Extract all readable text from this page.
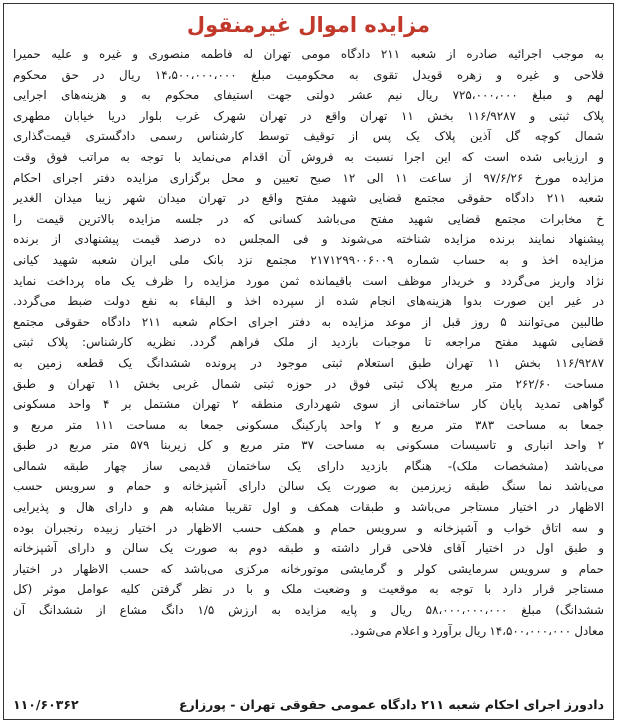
مزایده اموال غیرمنقول
به موجب اجرائیه صادره از شعبه ۲۱۱ دادگاه مومی تهران له فاطمه منصوری و غیره و علیه حمیرا
فلاحی و غیره و زهره قویدل تقوی به محکومیت مبلغ ۱۴،۵۰۰،۰۰۰،۰۰۰ ریال در حق محکوم
لهم و مبلغ ۷۲۵،۰۰۰،۰۰۰ ریال نیم عشر دولتی جهت استیفای محکوم به و هزینه‌های اجرایی
پلاک ثبتی و ۱۱۶/۹۲۸۷ بخش ۱۱ تهران واقع در تهران شهرک غرب بلوار دریا خیابان مطهری
شمال کوچه گل آذین پلاک یک پس از توقیف توسط کارشناس رسمی دادگستری قیمت‌گذاری
و ارزیابی شده است که این اجرا نسبت به فروش آن اقدام می‌نماید با توجه به مراتب فوق وقت
مزایده مورخ ۹۷/۶/۲۶ از ساعت ۱۱ الی ۱۲ صبح تعیین و محل برگزاری مزایده دفتر اجرای احکام
شعبه ۲۱۱ دادگاه حقوقی مجتمع قضایی شهید مفتح واقع در تهران میدان شهر زیبا میدان الغدیر
خ مخابرات مجتمع قضایی شهید مفتح می‌باشد کسانی که در جلسه مزایده بالاترین قیمت را
پیشنهاد نمایند برنده مزایده شناخته می‌شوند و فی المجلس ده درصد قیمت پیشنهادی از برنده
مزایده اخذ و به حساب شماره ۲۱۷۱۲۹۹۰۰۶۰۰۹ مجتمع نزد بانک ملی ایران شعبه شهید کیانی
نژاد واریز می‌گردد و خریدار موظف است باقیمانده ثمن مورد مزایده را ظرف یک ماه پرداخت نماید
در غیر این صورت بدوا هزینه‌های انجام شده از سپرده اخذ و البقاء به نفع دولت ضبط می‌گردد.
طالبین می‌توانند ۵ روز قبل از موعد مزایده به دفتر اجرای احکام شعبه ۲۱۱ دادگاه حقوقی مجتمع
قضایی شهید مفتح مراجعه تا موجبات بازدید از ملک فراهم گردد. نظریه کارشناس: پلاک ثبتی
۱۱۶/۹۲۸۷ بخش ۱۱ تهران طبق استعلام ثبتی موجود در پرونده ششدانگ یک قطعه زمین به
مساحت ۲۶۲/۶۰ متر مربع پلاک ثبتی فوق در حوزه ثبتی شمال غربی بخش ۱۱ تهران و طبق
گواهی تمدید پایان کار ساختمانی از سوی شهرداری منطقه ۲ تهران مشتمل بر ۴ واحد مسکونی
جمعا به مساحت ۳۸۳ متر مربع و ۲ واحد پارکینگ مسکونی جمعا به مساحت ۱۱۱ متر مربع و
۲ واحد انباری و تاسیسات مسکونی به مساحت ۳۷ متر مربع و کل زیربنا ۵۷۹ متر مربع در طبق
می‌باشد (مشخصات ملک)- هنگام بازدید دارای یک ساختمان قدیمی ساز چهار طبقه شمالی
می‌باشد نما سنگ طبقه زیرزمین به صورت یک سالن دارای آشپزخانه و حمام و سرویس حسب
الاظهار در اختیار مستاجر می‌باشد و طبقات همکف و اول تقریبا مشابه هم و دارای هال و پذیرایی
و سه اتاق خواب و آشپزخانه و سرویس حمام و همکف حسب الاظهار در اختیار زبیده رنجبران بوده
و طبق اول در اختیار آقای فلاحی قرار داشته و طبقه دوم به صورت یک سالن و دارای آشپزخانه
حمام و سرویس سرمایشی کولر و گرمایشی موتورخانه مرکزی می‌باشد که حسب الاظهار در اختیار
مستاجر قرار دارد با توجه به موقعیت و وضعیت ملک و با در نظر گرفتن کلیه عوامل موثر (کل
ششدانگ) مبلغ ۵۸،۰۰۰،۰۰۰،۰۰۰ ریال و پایه مزایده به ارزش ۱/۵ دانگ مشاع از ششدانگ آن
معادل ۱۴،۵۰۰،۰۰۰،۰۰۰ ریال برآورد و اعلام می‌شود.
دادورز اجرای احکام شعبه ۲۱۱ دادگاه عمومی حقوقی تهران - پورزارع
۱۱۰/۶۰۳۶۲
